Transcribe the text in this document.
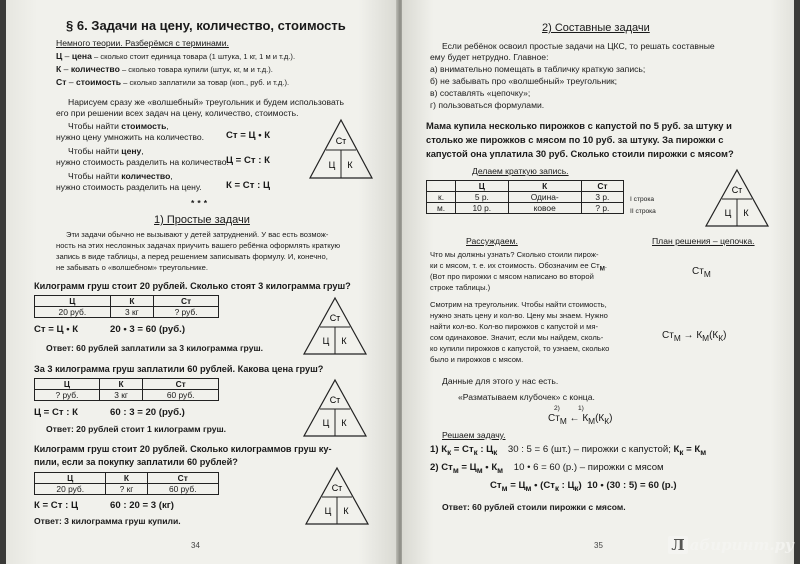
§ 6. Задачи на цену, количество, стоимость
Немного теории. Разберёмся с терминами.
Ц – цена – сколько стоит единица товара (1 штука, 1 кг, 1 м и т.д.).
К – количество – сколько товара купили (штук, кг, м и т.д.).
Ст – стоимость – сколько заплатили за товар (коп., руб. и т.д.).
Нарисуем сразу же «волшебный» треугольник и будем использовать
его при решении всех задач на цену, количество, стоимость.
Чтобы найти стоимость,
нужно цену умножить на количество. Ст = Ц • К
Чтобы найти цену,
нужно стоимость разделить на количество.
Ц = Ст : К
Чтобы найти количество,
нужно стоимость разделить на цену.	К = Ст : Ц
Ст
Ц К
***
1) Простые задачи
Эти задачи обычно не вызывают у детей затруднений. У вас есть возмож-
ность на этих несложных задачах приучить вашего ребёнка оформлять краткую
запись в виде таблицы, а перед решением записывать формулу. И, конечно,
не забывать о «волшебном» треугольнике.
Килограмм груш стоит 20 рублей. Сколько стоят 3 килограмма груш?
Ц	К	Ст
20 руб.	3 кг	? руб.
Ст = Ц • К	20 • 3 = 60 (руб.)
Ответ: 60 рублей заплатили за 3 килограмма груш.
Ст
Ц К
За 3 килограмма груш заплатили 60 рублей. Какова цена груш?
Ц	К	Ст
? руб.	3 кг	60 руб.
Ц = Ст : К	60 : 3 = 20 (руб.)
Ответ: 20 рублей стоит 1 килограмм груш.
Ст
Ц К
Килограмм груш стоит 20 рублей. Сколько килограммов груш ку-
пили, если за покупку заплатили 60 рублей?
Ц	К	Ст
20 руб.	? кг	60 руб.
К = Ст : Ц	60 : 20 = 3 (кг)
Ответ: 3 килограмма груш купили.
Ст
Ц К
34
2) Составные задачи
Если ребёнок освоил простые задачи на ЦКС, то решать составные
ему будет нетрудно. Главное:
а) внимательно помещать в табличку краткую запись;
б) не забывать про «волшебный» треугольник;
в) составлять «цепочку»;
г) пользоваться формулами.
Мама купила несколько пирожков с капустой по 5 руб. за штуку и
столько же пирожков с мясом по 10 руб. за штуку. За пирожки с
капустой она уплатила 30 руб. Сколько стоили пирожки с мясом?
Делаем краткую запись.
	Ц	К	Ст
к.	5 р.	Одина-	3 р.
м.	10 р.	ковое	? р.
I строка
II строка
Ст
Ц К
Рассуждаем.	План решения – цепочка.
Что мы должны узнать? Сколько стоили пирож-
ки с мясом, т. е. их стоимость. Обозначим ее $Ст_М$.
(Вот про пирожки с мясом написано во второй
строке таблицы.)
$Ст_М$
Смотрим на треугольник. Чтобы найти стоимость,
нужно знать цену и кол-во. Цену мы знаем. Нужно
найти кол-во. Кол-во пирожков с капустой и мя-
сом одинаковое. Значит, если мы найдем, сколь-
ко купили пирожков с капустой, то узнаем, сколько
было и пирожков с мясом.
$Ст_М \to К_М(К_К)$
Данные для этого у нас есть.
«Разматываем клубочек» с конца.
2)	1)
$Ст_М$ ← $К_М(К_К)$
Решаем задачу.
1) $К_к = Ст_к$ : $Ц_к$ 30 : 5 = 6 (шт.) – пирожки с капустой; $К_к = К_м$
2) $Ст_м = Ц_м$ • $К_м$ 10 • 6 = 60 (р.) – пирожки с мясом
$Ст_м = Ц_м$ • ($Ст_к$ : $Ц_к$)  10 • (30 : 5) = 60 (р.)
Ответ: 60 рублей стоили пирожки с мясом.
35	Л абиринт.ру
